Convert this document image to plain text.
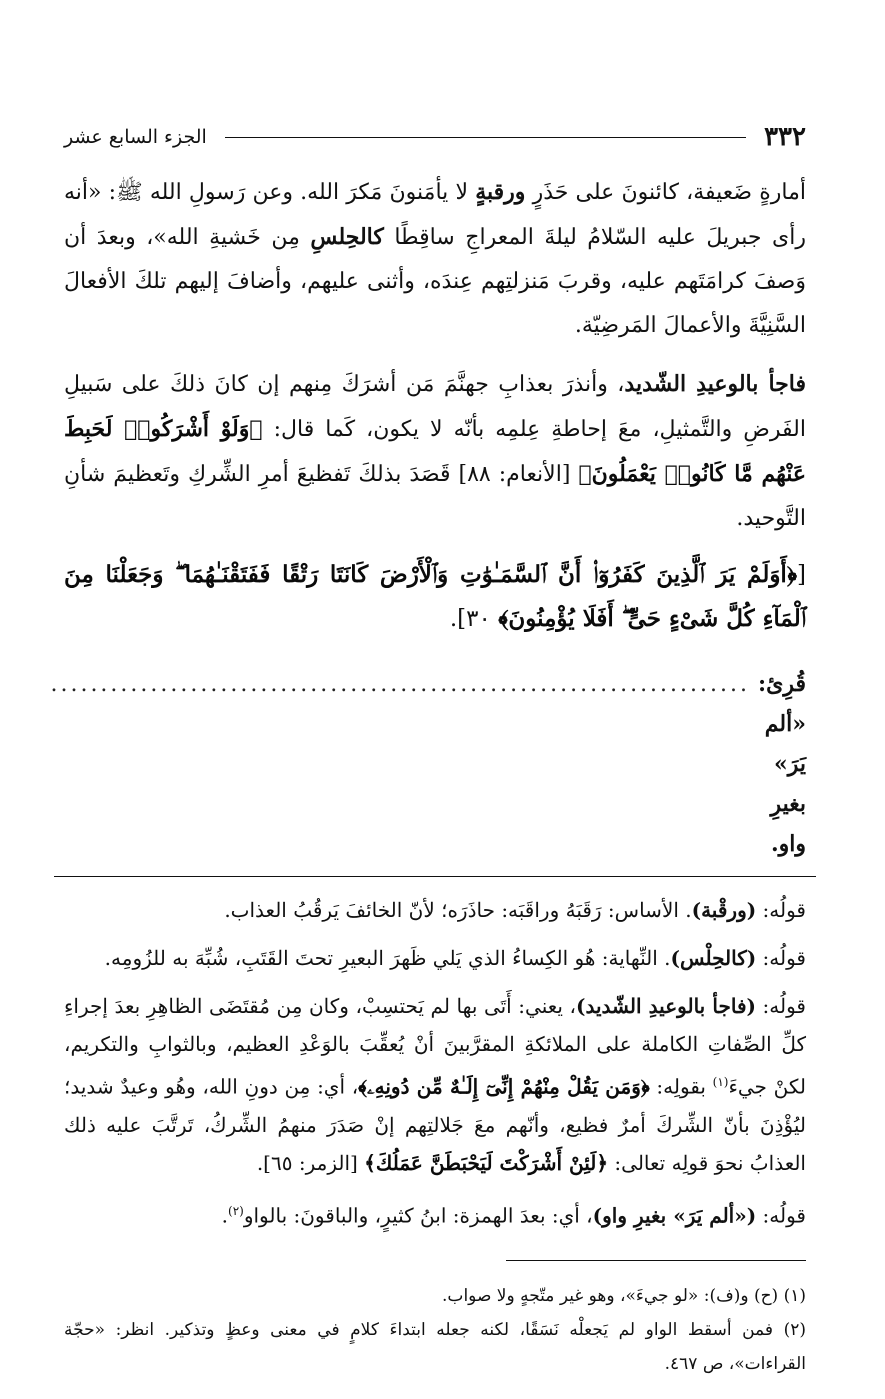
٣٣٢
الجزء السابع عشر

أمارةٍ ضَعيفة، كائنونَ على حَذَرٍ ورقبةٍ لا يأمَنونَ مَكرَ الله. وعن رَسولِ الله ﷺ: «أنه رأى جبريلَ عليه السّلامُ ليلةَ المعراجِ ساقِطًا كالحِلسِ مِن خَشيةِ الله»، وبعدَ أن وَصفَ كرامَتَهم عليه، وقربَ مَنزلتِهم عِندَه، وأثنى عليهم، وأضافَ إليهم تلكَ الأفعالَ السَّنِيَّةَ والأعمالَ المَرضِيّة.

فاجأ بالوعيدِ الشّديد، وأنذرَ بعذابِ جهنَّمَ مَن أشرَكَ مِنهم إن كانَ ذلكَ على سَبيلِ الفَرضِ والتَّمثيلِ، معَ إحاطةِ عِلمِه بأنّه لا يكون، كَما قال: ﴿وَلَوْ أَشْرَكُوا۟ لَحَبِطَ عَنْهُم مَّا كَانُوا۟ يَعْمَلُونَ﴾ [الأنعام: ٨٨] قَصَدَ بذلكَ تَفظيعَ أمرِ الشِّركِ وتَعظيمَ شأنِ التَّوحيد.

[﴿أَوَلَمْ يَرَ ٱلَّذِينَ كَفَرُوٓا۟ أَنَّ ٱلسَّمَـٰوَٰتِ وَٱلْأَرْضَ كَانَتَا رَتْقًا فَفَتَقْنَـٰهُمَا ۖ وَجَعَلْنَا مِنَ ٱلْمَآءِ كُلَّ شَىْءٍ حَىٍّ ۖ أَفَلَا يُؤْمِنُونَ﴾ ٣٠].

قُرِئ: «ألم يَرَ» بغيرِ واو.
......................................................................

قولُه: (ورقْبة). الأساس: رَقَبَهُ وراقَبَه: حاذَرَه؛ لأنّ الخائفَ يَرقُبُ العذاب.

قولُه: (كالحِلْس). النِّهاية: هُو الكِساءُ الذي يَلي ظَهرَ البعيرِ تحتَ القَتَبِ، شُبِّهَ به للزُومِه.

قولُه: (فاجأ بالوعيدِ الشّديد)، يعني: أَتَى بها لم يَحتسِبْ، وكان مِن مُقتَضَى الظاهِرِ بعدَ إجراءِ كلِّ الصِّفاتِ الكاملة على الملائكةِ المقرَّبينَ أنْ يُعقِّبَ بالوَعْدِ العظيم، وبالثوابِ والتكريم، لكنْ جيءَ$^{(١)}$ بقولِه: ﴿وَمَن يَقُلْ مِنْهُمْ إِنِّىٓ إِلَـٰهٌ مِّن دُونِهِۦ﴾، أي: مِن دونِ الله، وهُو وعيدٌ شديد؛ ليُؤْذِنَ بأنّ الشِّركَ أمرٌ فظيع، وأنّهم معَ جَلالتِهم إنْ صَدَرَ منهمُ الشِّركُ، تَرتَّبَ عليه ذلك العذابُ نحوَ قولِه تعالى: ﴿لَئِنْ أَشْرَكْتَ لَيَحْبَطَنَّ عَمَلُكَ﴾ [الزمر: ٦٥].

قولُه: («ألم يَرَ» بغيرِ واو)، أي: بعدَ الهمزة: ابنُ كثيرٍ، والباقونَ: بالواو$^{(٢)}$.

(١) (ح) و(ف): «لو جيءَ»، وهو غير متّجهٍ ولا صواب.

(٢) فمن أسقط الواو لم يَجعلْه نَسَقًا، لكنه جعله ابتداءَ كلامٍ في معنى وعظٍ وتذكير. انظر: «حجّة القراءات»، ص ٤٦٧.
